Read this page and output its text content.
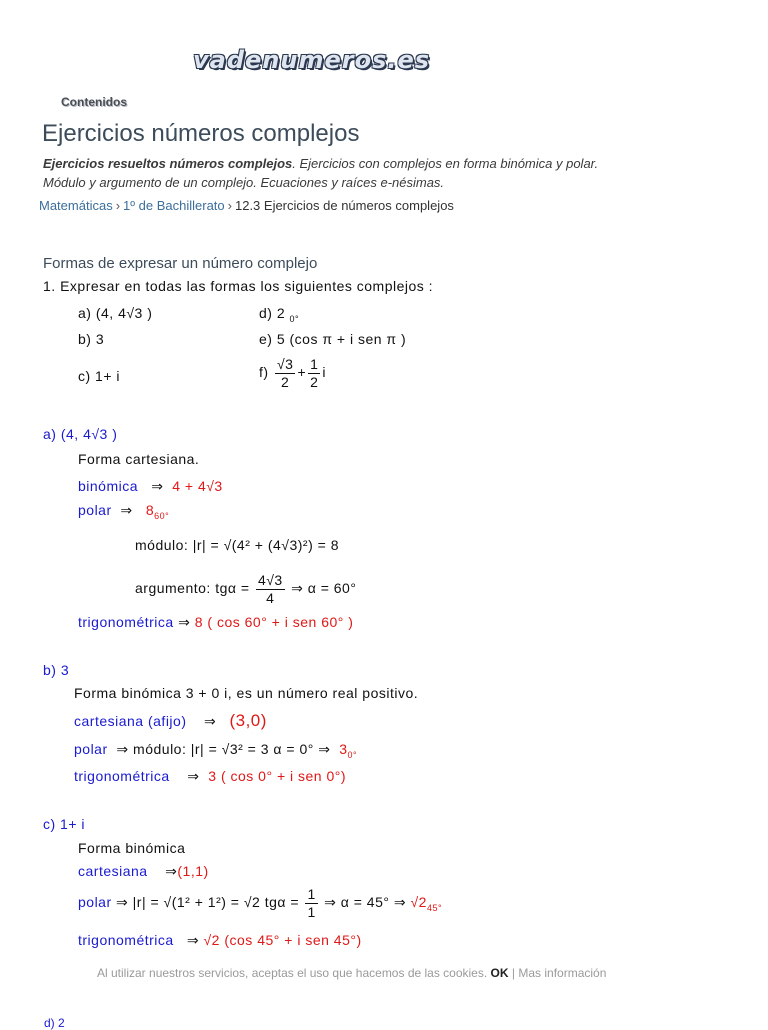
vadenumeros.es
Contenidos
Ejercicios números complejos
Ejercicios resueltos números complejos. Ejercicios con complejos en forma binómica y polar.
Módulo y argumento de un complejo. Ecuaciones y raíces e-nésimas.
Matemáticas › 1º de Bachillerato › 12.3 Ejercicios de números complejos
Formas de expresar un número complejo
1. Expresar en todas las formas los siguientes complejos :
a) (4, 4√3 )
b) 3
c) 1+ i
d) 2 $_{0^\circ}$
e) 5 (cos π + i sen π )
$f) \frac{√3}{2} + \frac{1}{2}$ i
a) (4, 4√3 )
Forma cartesiana.
binómica   ⇒  4 + 4√3
polar  ⇒   $8_{60^\circ}$
módulo: |r| = √(4² + (4√3)²) = 8
argumento: $tg\alpha = \frac{4√3}{4}$ ⇒ α = 60°
trigonométrica ⇒ 8 ( cos 60° + i sen 60° )
b) 3
Forma binómica 3 + 0 i, es un número real positivo.
cartesiana (afijo)    ⇒   (3,0)
polar ⇒ módulo: |r| = √3² = 3 α = 0° ⇒ $3_{0^\circ}$
trigonométrica    ⇒  3 ( cos 0° + i sen 0°)
c) 1+ i
Forma binómica
cartesiana    ⇒(1,1)
polar ⇒ |r| = √(1² + 1²) = √2 $tg\alpha = \frac{1}{1}$ ⇒ α = 45° ⇒ $√2_{45^\circ}$
trigonométrica   ⇒ √2 (cos 45° + i sen 45°)
Al utilizar nuestros servicios, aceptas el uso que hacemos de las cookies. OK | Mas información
d) 2
